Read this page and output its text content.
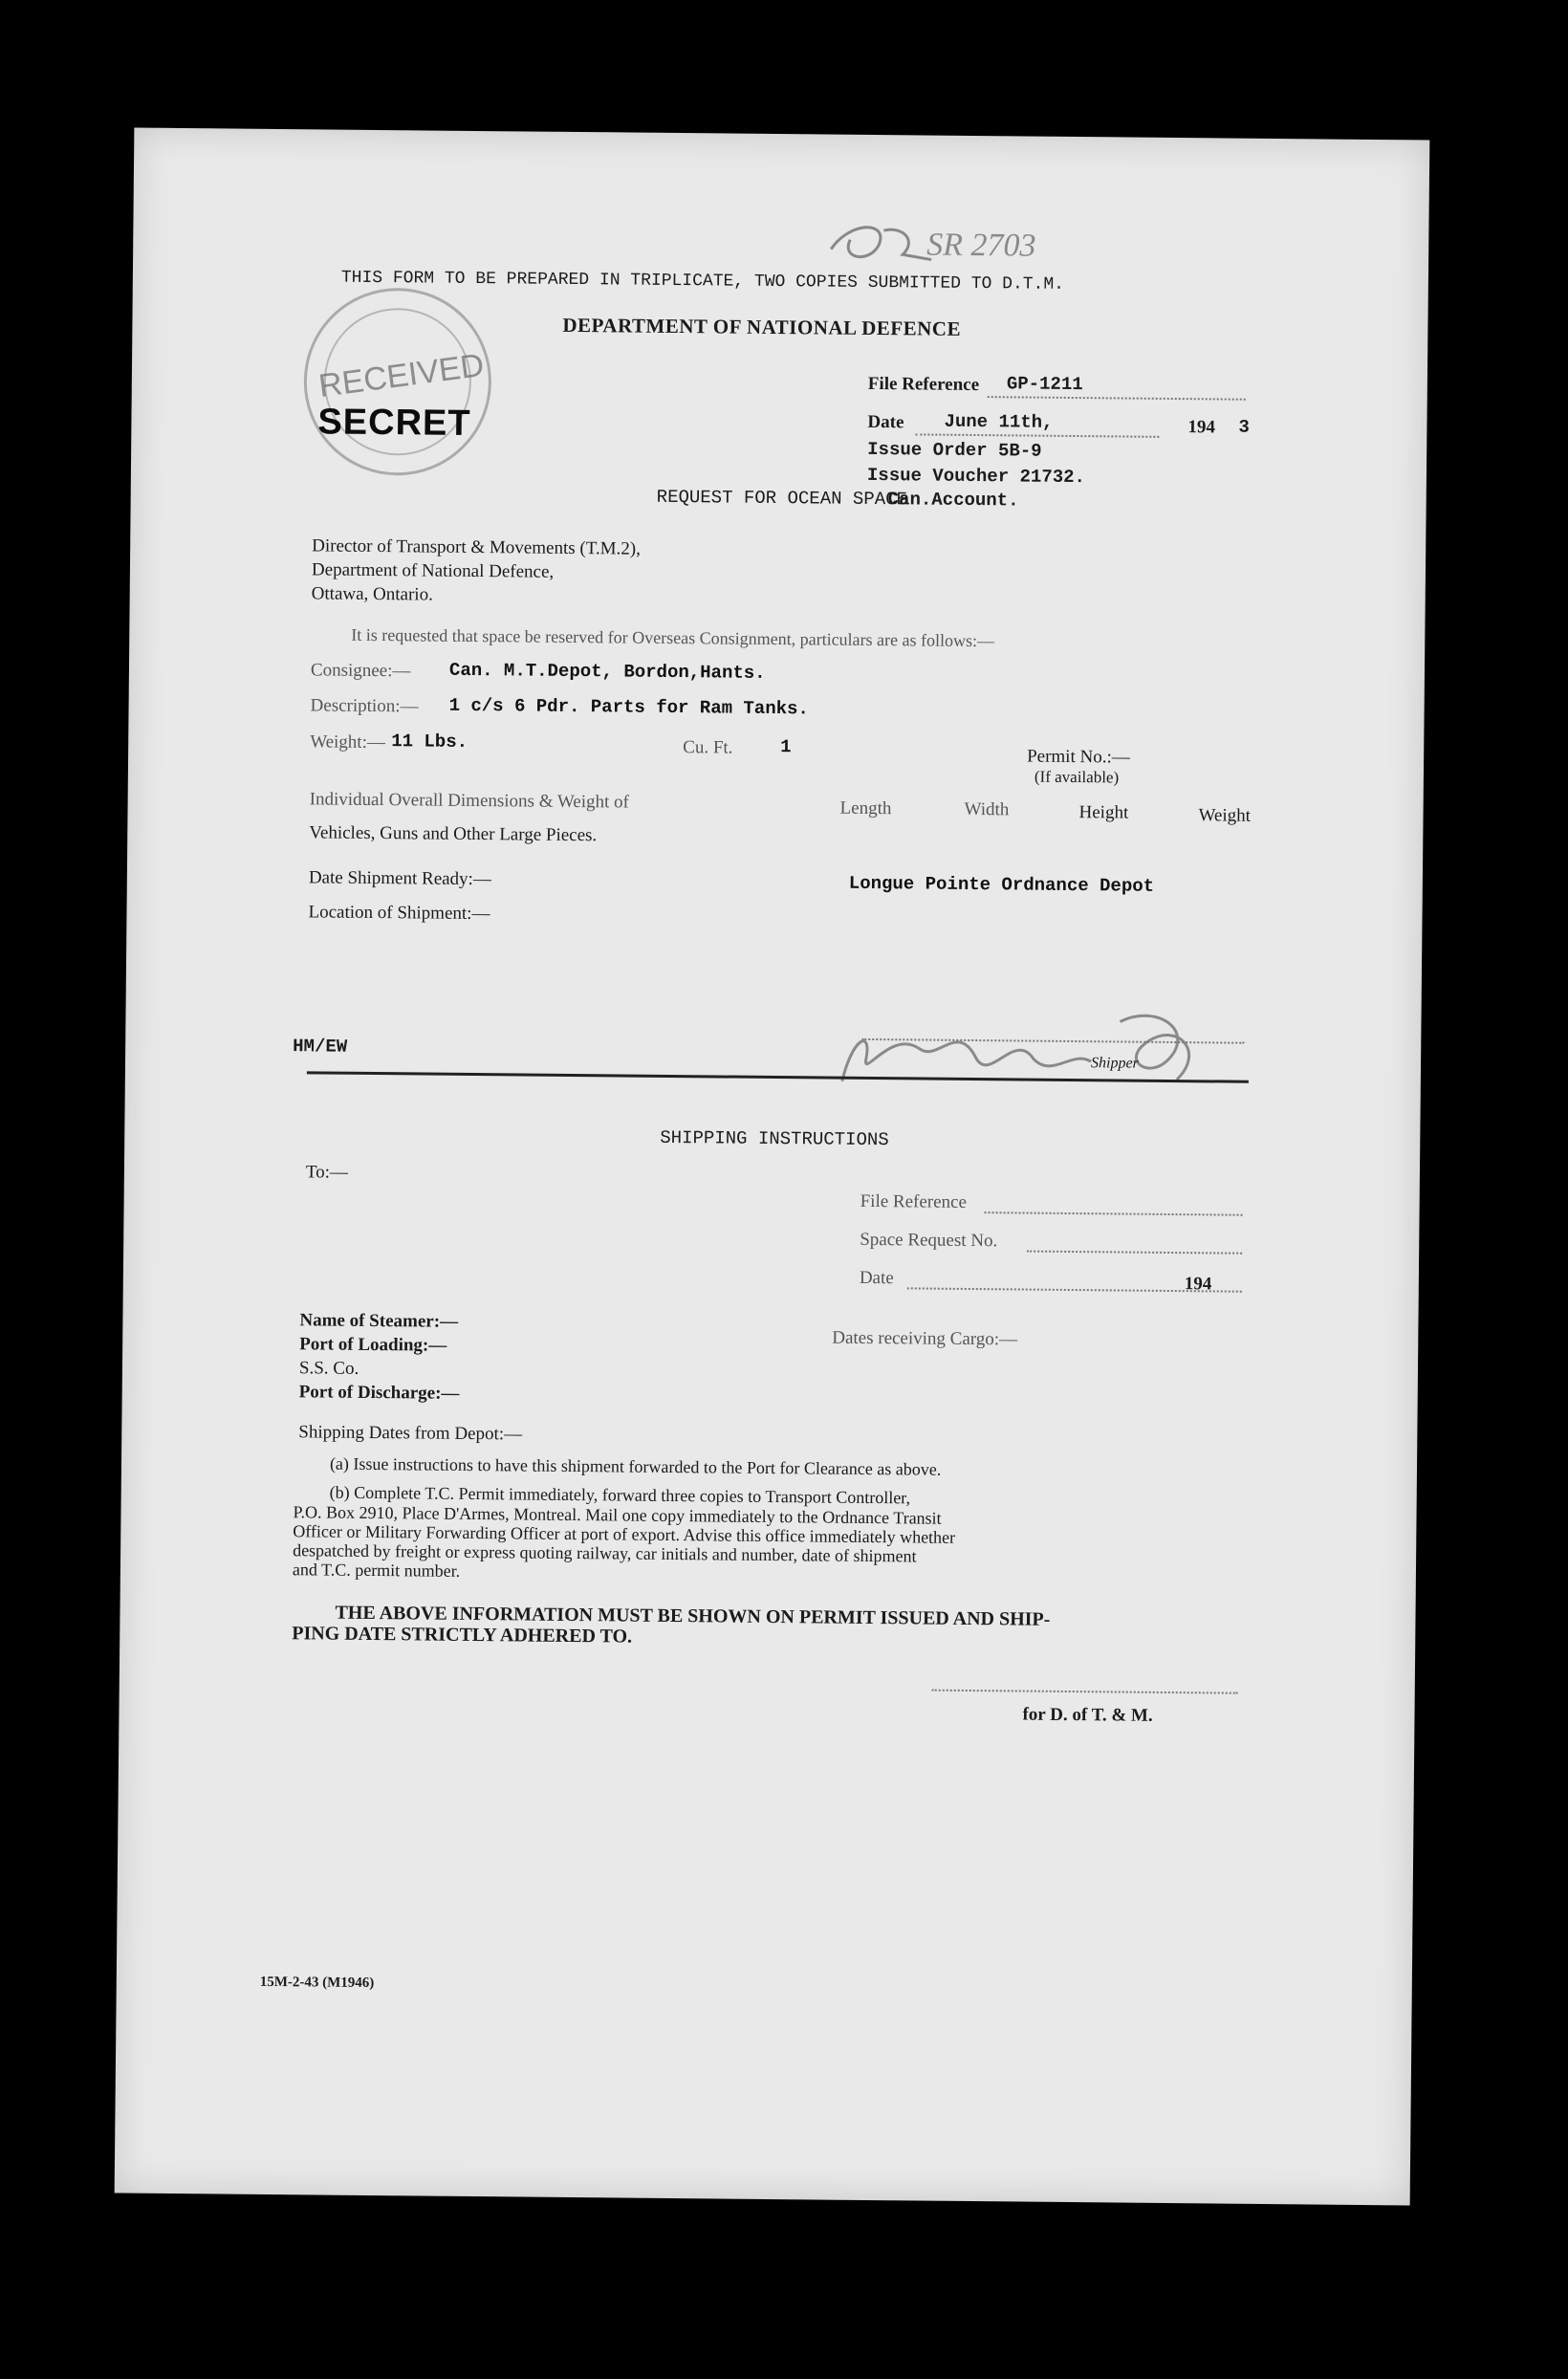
SR 2703
THIS FORM TO BE PREPARED IN TRIPLICATE, TWO COPIES SUBMITTED TO D.T.M.
DEPARTMENT OF NATIONAL DEFENCE
RECEIVED
SECRET
File Reference GP-1211
Date June 11th,	194 3
Issue Order 5B-9
Issue Voucher 21732.
REQUEST FOR OCEAN SPACE
Can.Account.
Director of Transport & Movements (T.M.2),
Department of National Defence,
Ottawa, Ontario.
It is requested that space be reserved for Overseas Consignment, particulars are as follows:—
Consignee:— Can. M.T.Depot, Bordon,Hants.
Description:— 1 c/s 6 Pdr. Parts for Ram Tanks.
Weight:— 11 Lbs.	Cu. Ft.	1	Permit No.:—
(If available)
Individual Overall Dimensions & Weight of
Vehicles, Guns and Other Large Pieces.
Length	Width	Height	Weight
Date Shipment Ready:—
Location of Shipment:—
Longue Pointe Ordnance Depot
HM/EW
Shipper
SHIPPING INSTRUCTIONS
To:—
File Reference
Space Request No.
Date	194
Name of Steamer:—
Port of Loading:—
S.S. Co.
Port of Discharge:—
Dates receiving Cargo:—
Shipping Dates from Depot:—
(a) Issue instructions to have this shipment forwarded to the Port for Clearance as above.
(b) Complete T.C. Permit immediately, forward three copies to Transport Controller,
P.O. Box 2910, Place D'Armes, Montreal. Mail one copy immediately to the Ordnance Transit
Officer or Military Forwarding Officer at port of export. Advise this office immediately whether
despatched by freight or express quoting railway, car initials and number, date of shipment
and T.C. permit number.
THE ABOVE INFORMATION MUST BE SHOWN ON PERMIT ISSUED AND SHIP-
PING DATE STRICTLY ADHERED TO.
for D. of T. & M.
15M-2-43 (M1946)
